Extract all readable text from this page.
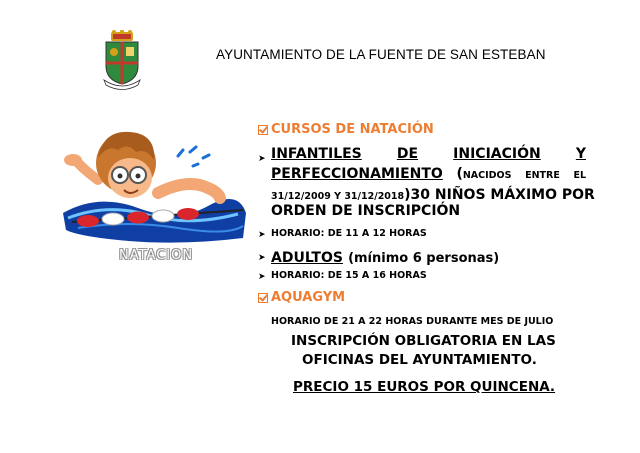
AYUNTAMIENTO DE LA FUENTE DE SAN ESTEBAN
NATACION
CURSOS DE NATACIÓN
➤ INFANTILES	DE	INICIACIÓN	Y
PERFECCIONAMIENTO ( NACIDOS ENTRE EL
31/12/2009 Y 31/12/2018) 30 NIÑOS MÁXIMO POR
ORDEN DE INSCRIPCIÓN
➤ HORARIO: DE 11 A 12 HORAS
➤ ADULTOS (mínimo 6 personas)
➤ HORARIO: DE 15 A 16 HORAS
AQUAGYM
HORARIO DE 21 A 22 HORAS DURANTE MES DE JULIO
INSCRIPCIÓN OBLIGATORIA EN LAS
OFICINAS DEL AYUNTAMIENTO.
PRECIO 15 EUROS POR QUINCENA.
